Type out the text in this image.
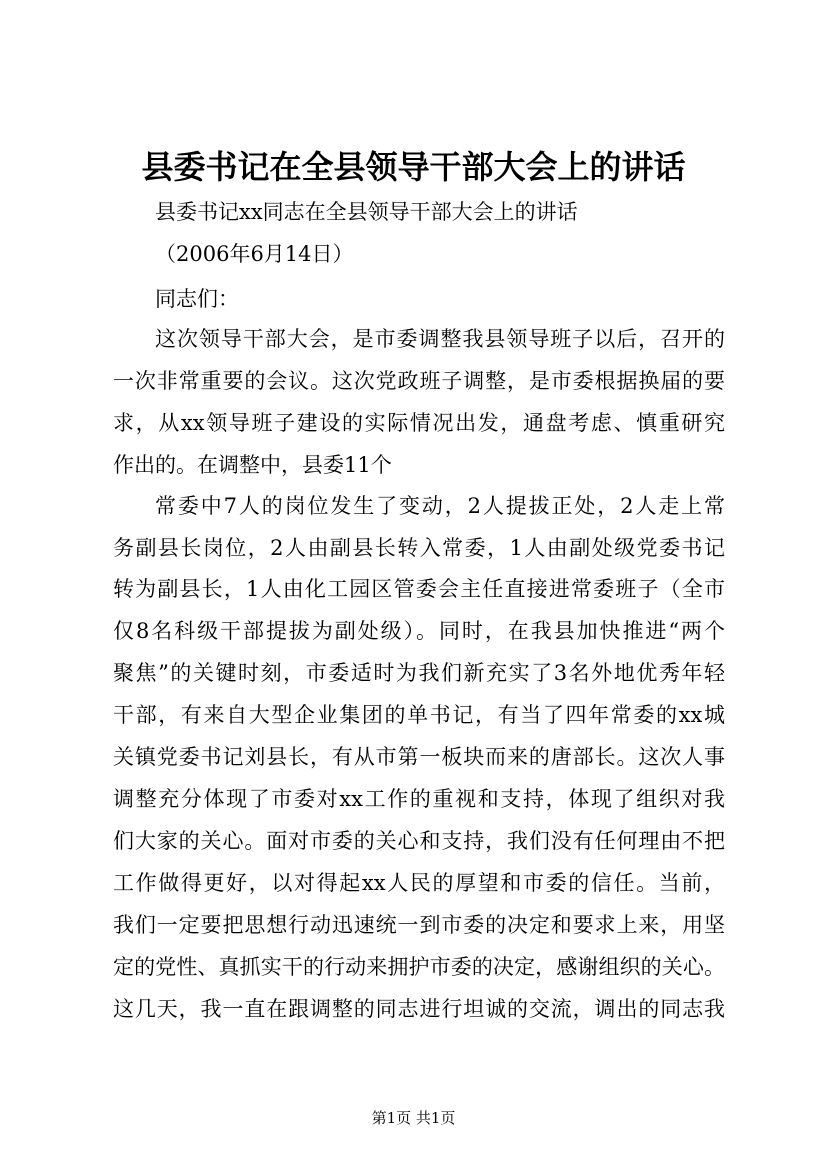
县委书记在全县领导干部大会上的讲话
县委书记xx同志在全县领导干部大会上的讲话
（2006年6月14日）
同志们：
这次领导干部大会，是市委调整我县领导班子以后，召开的
一次非常重要的会议。这次党政班子调整，是市委根据换届的要
求，从xx领导班子建设的实际情况出发，通盘考虑、慎重研究
作出的。在调整中，县委11个
常委中7人的岗位发生了变动，2人提拔正处，2人走上常
务副县长岗位，2人由副县长转入常委，1人由副处级党委书记
转为副县长，1人由化工园区管委会主任直接进常委班子（全市
仅8名科级干部提拔为副处级）。同时，在我县加快推进“两个
聚焦”的关键时刻，市委适时为我们新充实了3名外地优秀年轻
干部，有来自大型企业集团的单书记，有当了四年常委的xx城
关镇党委书记刘县长，有从市第一板块而来的唐部长。这次人事
调整充分体现了市委对xx工作的重视和支持，体现了组织对我
们大家的关心。面对市委的关心和支持，我们没有任何理由不把
工作做得更好，以对得起xx人民的厚望和市委的信任。当前，
我们一定要把思想行动迅速统一到市委的决定和要求上来，用坚
定的党性、真抓实干的行动来拥护市委的决定，感谢组织的关心。
这几天，我一直在跟调整的同志进行坦诚的交流，调出的同志我
第1页 共1页
